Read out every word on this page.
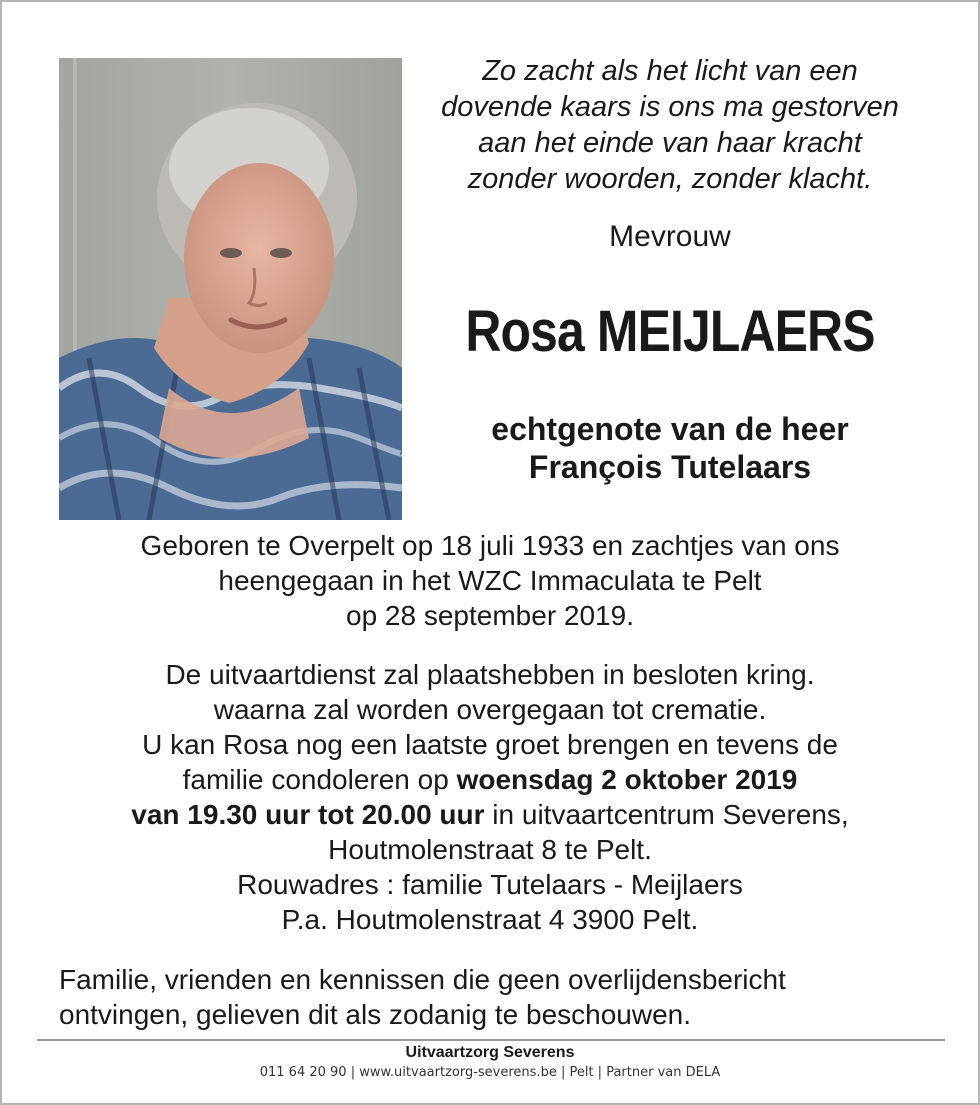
Zo zacht als het licht van een
dovende kaars is ons ma gestorven
aan het einde van haar kracht
zonder woorden, zonder klacht.
Mevrouw
Rosa MEIJLAERS
echtgenote van de heer
François Tutelaars
Geboren te Overpelt op 18 juli 1933 en zachtjes van ons
heengegaan in het WZC Immaculata te Pelt
op 28 september 2019.
De uitvaartdienst zal plaatshebben in besloten kring.
waarna zal worden overgegaan tot crematie.
U kan Rosa nog een laatste groet brengen en tevens de
familie condoleren op woensdag 2 oktober 2019
van 19.30 uur tot 20.00 uur in uitvaartcentrum Severens,
Houtmolenstraat 8 te Pelt.
Rouwadres : familie Tutelaars - Meijlaers
P.a. Houtmolenstraat 4 3900 Pelt.
Familie, vrienden en kennissen die geen overlijdensbericht
ontvingen, gelieven dit als zodanig te beschouwen.
Uitvaartzorg Severens
011 64 20 90 | www.uitvaartzorg-severens.be | Pelt | Partner van DELA
